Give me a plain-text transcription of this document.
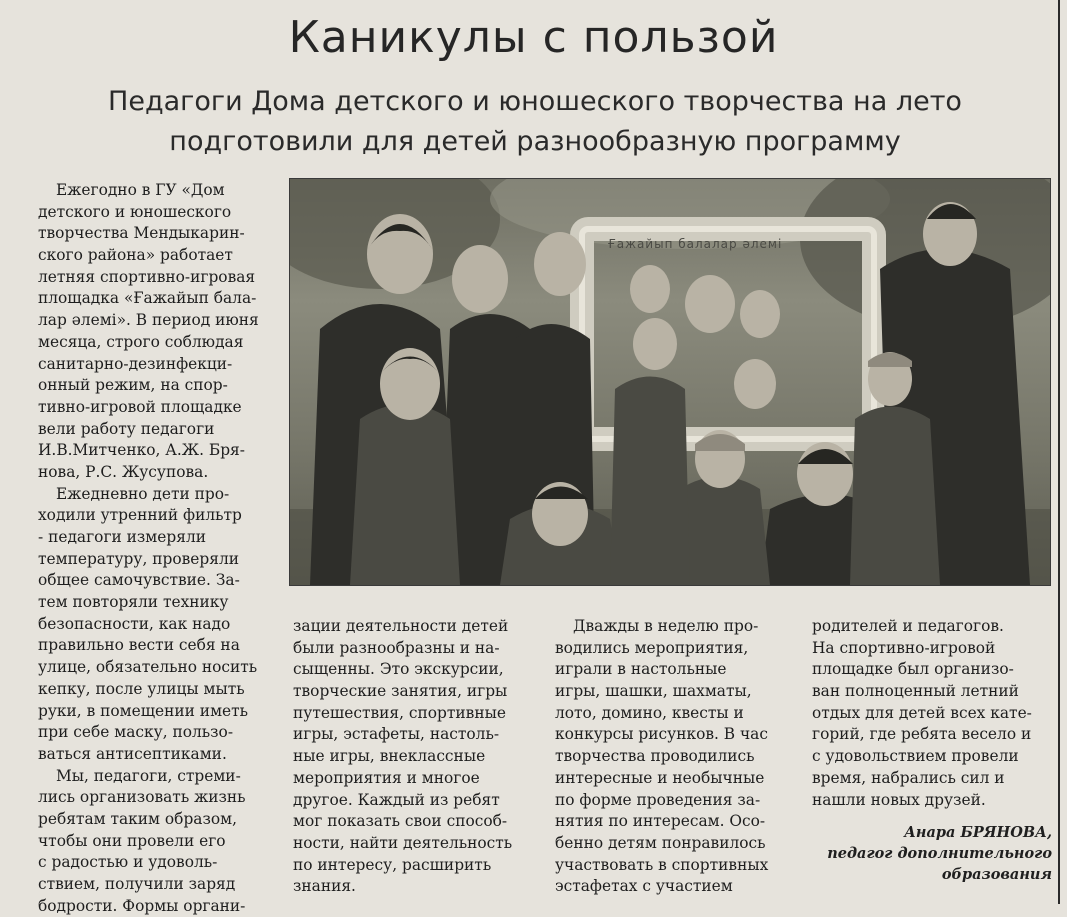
Каникулы с пользой
Педагоги Дома детского и юношеского творчества на лето
подготовили для детей разнообразную программу
Ежегодно в ГУ «Дом
детского и юношеского
творчества Мендыкарин-
ского района» работает
летняя спортивно-игровая
площадка «Ғажайып бала-
лар әлемі». В период июня
месяца, строго соблюдая
санитарно-дезинфекци-
онный режим, на спор-
тивно-игровой площадке
вели работу педагоги
И.В.Митченко, А.Ж. Бря-
нова, Р.С. Жусупова.
Ежедневно дети про-
ходили утренний фильтр
- педагоги измеряли
температуру, проверяли
общее самочувствие. За-
тем повторяли технику
безопасности, как надо
правильно вести себя на
улице, обязательно носить
кепку, после улицы мыть
руки, в помещении иметь
при себе маску, пользо-
ваться антисептиками.
Мы, педагоги, стреми-
лись организовать жизнь
ребятам таким образом,
чтобы они провели его
с радостью и удоволь-
ствием, получили заряд
бодрости. Формы органи-
Ғажайып балалар әлемі
зации деятельности детей
были разнообразны и на-
сыщенны. Это экскурсии,
творческие занятия, игры
путешествия, спортивные
игры, эстафеты, настоль-
ные игры, внеклассные
мероприятия и многое
другое. Каждый из ребят
мог показать свои способ-
ности, найти деятельность
по интересу, расширить
знания.
Дважды в неделю про-
водились мероприятия,
играли в настольные
игры, шашки, шахматы,
лото, домино, квесты и
конкурсы рисунков. В час
творчества проводились
интересные и необычные
по форме проведения за-
нятия по интересам. Осо-
бенно детям понравилось
участвовать в спортивных
эстафетах с участием
родителей и педагогов.
На спортивно-игровой
площадке был организо-
ван полноценный летний
отдых для детей всех кате-
горий, где ребята весело и
с удовольствием провели
время, набрались сил и
нашли новых друзей.
Анара БРЯНОВА,
педагог дополнительного
образования
